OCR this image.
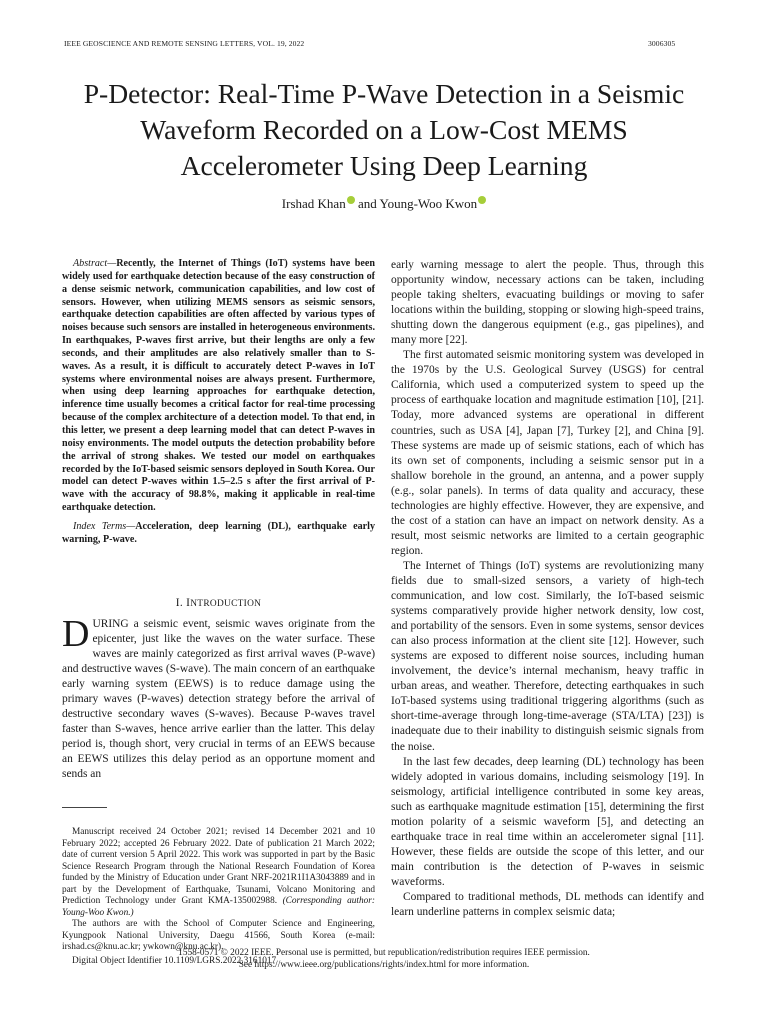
IEEE GEOSCIENCE AND REMOTE SENSING LETTERS, VOL. 19, 2022	3006305
P-Detector: Real-Time P-Wave Detection in a Seismic Waveform Recorded on a Low-Cost MEMS Accelerometer Using Deep Learning
Irshad Khan and Young-Woo Kwon

Abstract—Recently, the Internet of Things (IoT) systems have been widely used for earthquake detection because of the easy construction of a dense seismic network, communication capabilities, and low cost of sensors. However, when utilizing MEMS sensors as seismic sensors, earthquake detection capabilities are often affected by various types of noises because such sensors are installed in heterogeneous environments. In earthquakes, P-waves first arrive, but their lengths are only a few seconds, and their amplitudes are also relatively smaller than to S-waves. As a result, it is difficult to accurately detect P-waves in IoT systems where environmental noises are always present. Furthermore, when using deep learning approaches for earthquake detection, inference time usually becomes a critical factor for real-time processing because of the complex architecture of a detection model. To that end, in this letter, we present a deep learning model that can detect P-waves in noisy environments. The model outputs the detection probability before the arrival of strong shakes. We tested our model on earthquakes recorded by the IoT-based seismic sensors deployed in South Korea. Our model can detect P-waves within 1.5–2.5 s after the first arrival of P-wave with the accuracy of 98.8%, making it applicable in real-time earthquake detection.

Index Terms—Acceleration, deep learning (DL), earthquake early warning, P-wave.

I. INTRODUCTION

DURING a seismic event, seismic waves originate from the epicenter, just like the waves on the water surface. These waves are mainly categorized as first arrival waves (P-wave) and destructive waves (S-wave). The main concern of an earthquake early warning system (EEWS) is to reduce damage using the primary waves (P-waves) detection strategy before the arrival of destructive secondary waves (S-waves). Because P-waves travel faster than S-waves, hence arrive earlier than the latter. This delay period is, though short, very crucial in terms of an EEWS because an EEWS utilizes this delay period as an opportune moment and sends an

Manuscript received 24 October 2021; revised 14 December 2021 and 10 February 2022; accepted 26 February 2022. Date of publication 21 March 2022; date of current version 5 April 2022. This work was supported in part by the Basic Science Research Program through the National Research Foundation of Korea funded by the Ministry of Education under Grant NRF-2021R1I1A3043889 and in part by the Development of Earthquake, Tsunami, Volcano Monitoring and Prediction Technology under Grant KMA-135002988. (Corresponding author: Young-Woo Kwon.)

The authors are with the School of Computer Science and Engineering, Kyungpook National University, Daegu 41566, South Korea (e-mail: irshad.cs@knu.ac.kr; ywkown@knu.ac.kr).

Digital Object Identifier 10.1109/LGRS.2022.3161017

early warning message to alert the people. Thus, through this opportunity window, necessary actions can be taken, including people taking shelters, evacuating buildings or moving to safer locations within the building, stopping or slowing high-speed trains, shutting down the dangerous equipment (e.g., gas pipelines), and many more [22].

The first automated seismic monitoring system was developed in the 1970s by the U.S. Geological Survey (USGS) for central California, which used a computerized system to speed up the process of earthquake location and magnitude estimation [10], [21]. Today, more advanced systems are operational in different countries, such as USA [4], Japan [7], Turkey [2], and China [9]. These systems are made up of seismic stations, each of which has its own set of components, including a seismic sensor put in a shallow borehole in the ground, an antenna, and a power supply (e.g., solar panels). In terms of data quality and accuracy, these technologies are highly effective. However, they are expensive, and the cost of a station can have an impact on network density. As a result, most seismic networks are limited to a certain geographic region.

The Internet of Things (IoT) systems are revolutionizing many fields due to small-sized sensors, a variety of high-tech communication, and low cost. Similarly, the IoT-based seismic systems comparatively provide higher network density, low cost, and portability of the sensors. Even in some systems, sensor devices can also process information at the client site [12]. However, such systems are exposed to different noise sources, including human involvement, the device’s internal mechanism, heavy traffic in urban areas, and weather. Therefore, detecting earthquakes in such IoT-based systems using traditional triggering algorithms (such as short-time-average through long-time-average (STA/LTA) [23]) is inadequate due to their inability to distinguish seismic signals from the noise.

In the last few decades, deep learning (DL) technology has been widely adopted in various domains, including seismology [19]. In seismology, artificial intelligence contributed in some key areas, such as earthquake magnitude estimation [15], determining the first motion polarity of a seismic waveform [5], and detecting an earthquake trace in real time within an accelerometer signal [11]. However, these fields are outside the scope of this letter, and our main contribution is the detection of P-waves in seismic waveforms.

Compared to traditional methods, DL methods can identify and learn underline patterns in complex seismic data;

1558-0571 © 2022 IEEE. Personal use is permitted, but republication/redistribution requires IEEE permission.
See https://www.ieee.org/publications/rights/index.html for more information.
